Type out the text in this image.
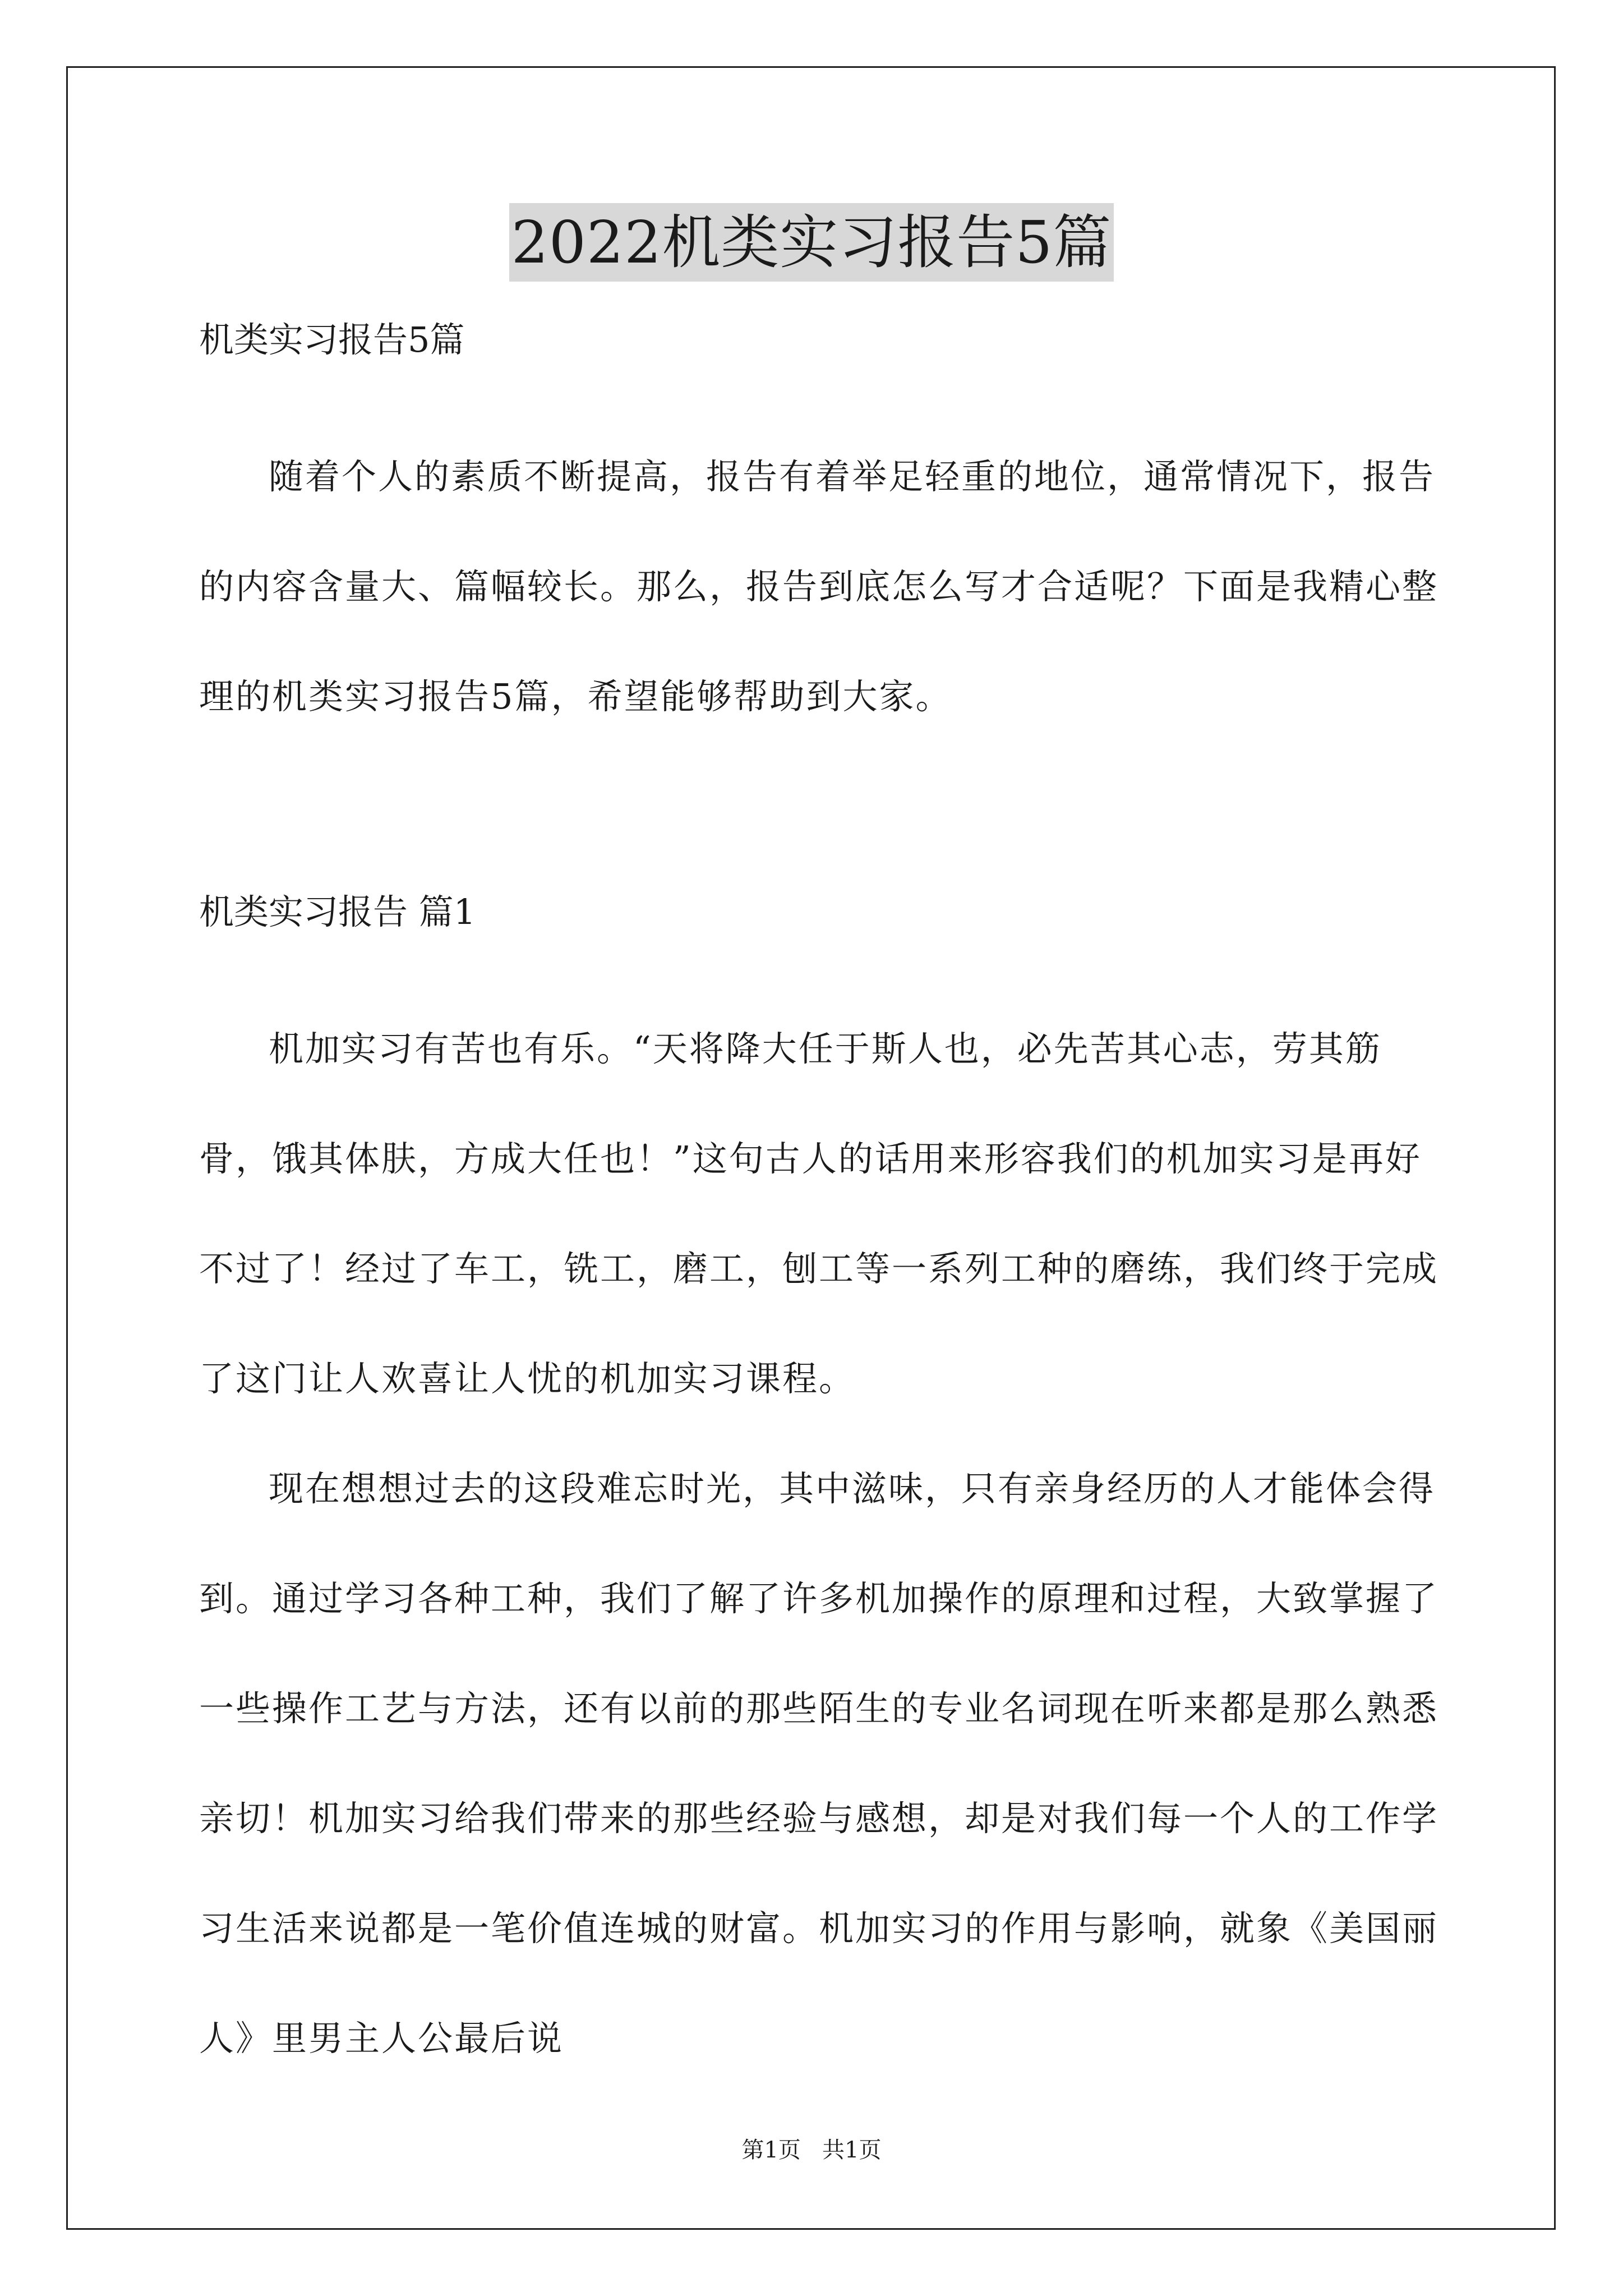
2022机类实习报告5篇

机类实习报告5篇

随着个人的素质不断提高，报告有着举足轻重的地位，通常情况下，报告的内容含量大、篇幅较长。那么，报告到底怎么写才合适呢？下面是我精心整理的机类实习报告5篇，希望能够帮助到大家。

机类实习报告 篇1

机加实习有苦也有乐。“天将降大任于斯人也，必先苦其心志，劳其筋骨，饿其体肤，方成大任也！”这句古人的话用来形容我们的机加实习是再好不过了！经过了车工，铣工，磨工，刨工等一系列工种的磨练，我们终于完成了这门让人欢喜让人忧的机加实习课程。

现在想想过去的这段难忘时光，其中滋味，只有亲身经历的人才能体会得到。通过学习各种工种，我们了解了许多机加操作的原理和过程，大致掌握了一些操作工艺与方法，还有以前的那些陌生的专业名词现在听来都是那么熟悉亲切！机加实习给我们带来的那些经验与感想，却是对我们每一个人的工作学习生活来说都是一笔价值连城的财富。机加实习的作用与影响，就象《美国丽人》里男主人公最后说

第1页   共1页
